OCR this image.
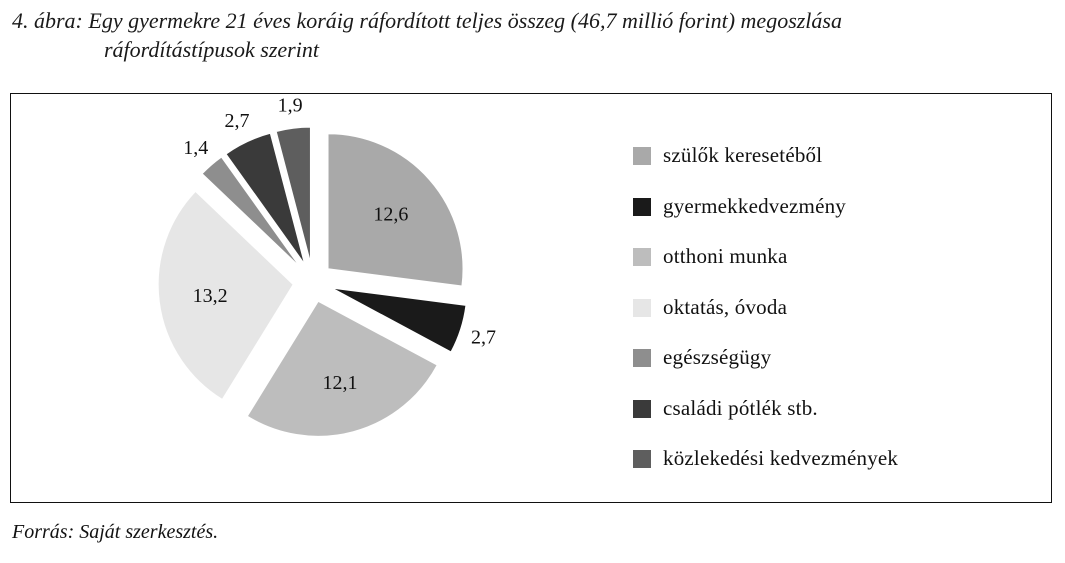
4. ábra: Egy gyermekre 21 éves koráig ráfordított teljes összeg (46,7 millió forint) megoszlása
ráfordítástípusok szerint
12,6
2,7
12,1
13,2
1,4
2,7
1,9
szülők keresetéből
gyermekkedvezmény
otthoni munka
oktatás, óvoda
egészségügy
családi pótlék stb.
közlekedési kedvezmények
Forrás: Saját szerkesztés.
